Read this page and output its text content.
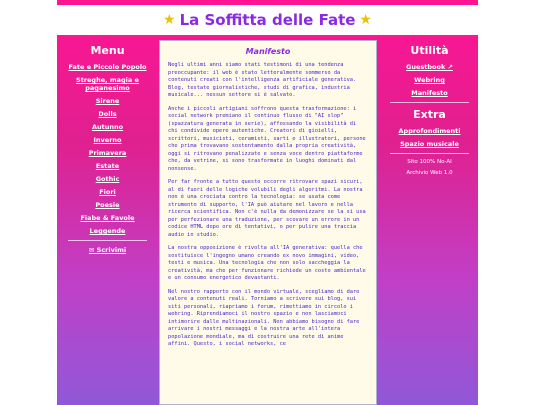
★ La Soffitta delle Fate ★
Menu
Fate e Piccolo Popolo
Streghe, magia e paganesimo
Sirene
Dolls
Autunno
Inverno
Primavera
Estate
Gothic
Fiori
Poesie
Fiabe & Favole
Leggende
✉ Scrivimi
Manifesto

Negli ultimi anni siamo stati testimoni di una tendenza preoccupante: il web è stato letteralmente sommerso da contenuti creati con l'intelligenza artificiale generativa. Blog, testate giornalistiche, studi di grafica, industria musicale... nessun settore si è salvato.

Anche i piccoli artigiani soffrono questa trasformazione: i social network premiano il continuo flusso di "AI slop" (spazzatura generata in serie), affossando la visibilità di chi condivide opere autentiche. Creatori di gioielli, scrittori, musicisti, ceramisti, sarti e illustratori, persone che prima trovavano sostentamento dalla propria creatività, oggi si ritrovano penalizzate e senza voce dentro piattaforme che, da vetrine, si sono trasformate in luoghi dominati dal nonsense.

Per far fronte a tutto questo occorre ritrovare spazi sicuri, al di fuori delle logiche volubili degli algoritmi. La nostra non è una crociata contro la tecnologia: se usata come strumento di supporto, l'IA può aiutare nel lavoro e nella ricerca scientifica. Non c'è nulla da demonizzare se la si usa per perfezionare una traduzione, per scovare un errore in un codice HTML dopo ore di tentativi, o per pulire una traccia audio in studio.

La nostra opposizione è rivolta all'IA generativa: quella che sostituisce l'ingegno umano creando ex novo immagini, video, testi e musica. Una tecnologia che non solo saccheggia la creatività, ma che per funzionare richiede un costo ambientale e un consumo energetico devastanti.

Nel nostro rapporto con il mondo virtuale, scegliamo di dare valore a contenuti reali. Torniamo a scrivere sui blog, sui siti personali, riapriamo i forum, rimettiamo in circolo i webring. Riprendiamoci il nostro spazio e non lasciamoci intimorire dalle multinazionali. Non abbiamo bisogno di fare arrivare i nostri messaggi e la nostra arte all'intera popolazione mondiale, ma di costruire una rete di anime affini. Questo, i social networks, ce

Utilità
Guestbook ↗
Webring
Manifesto
Extra
Approfondimenti
Spazio musicale
Sito 100% No-AI
Archivio Web 1.0
